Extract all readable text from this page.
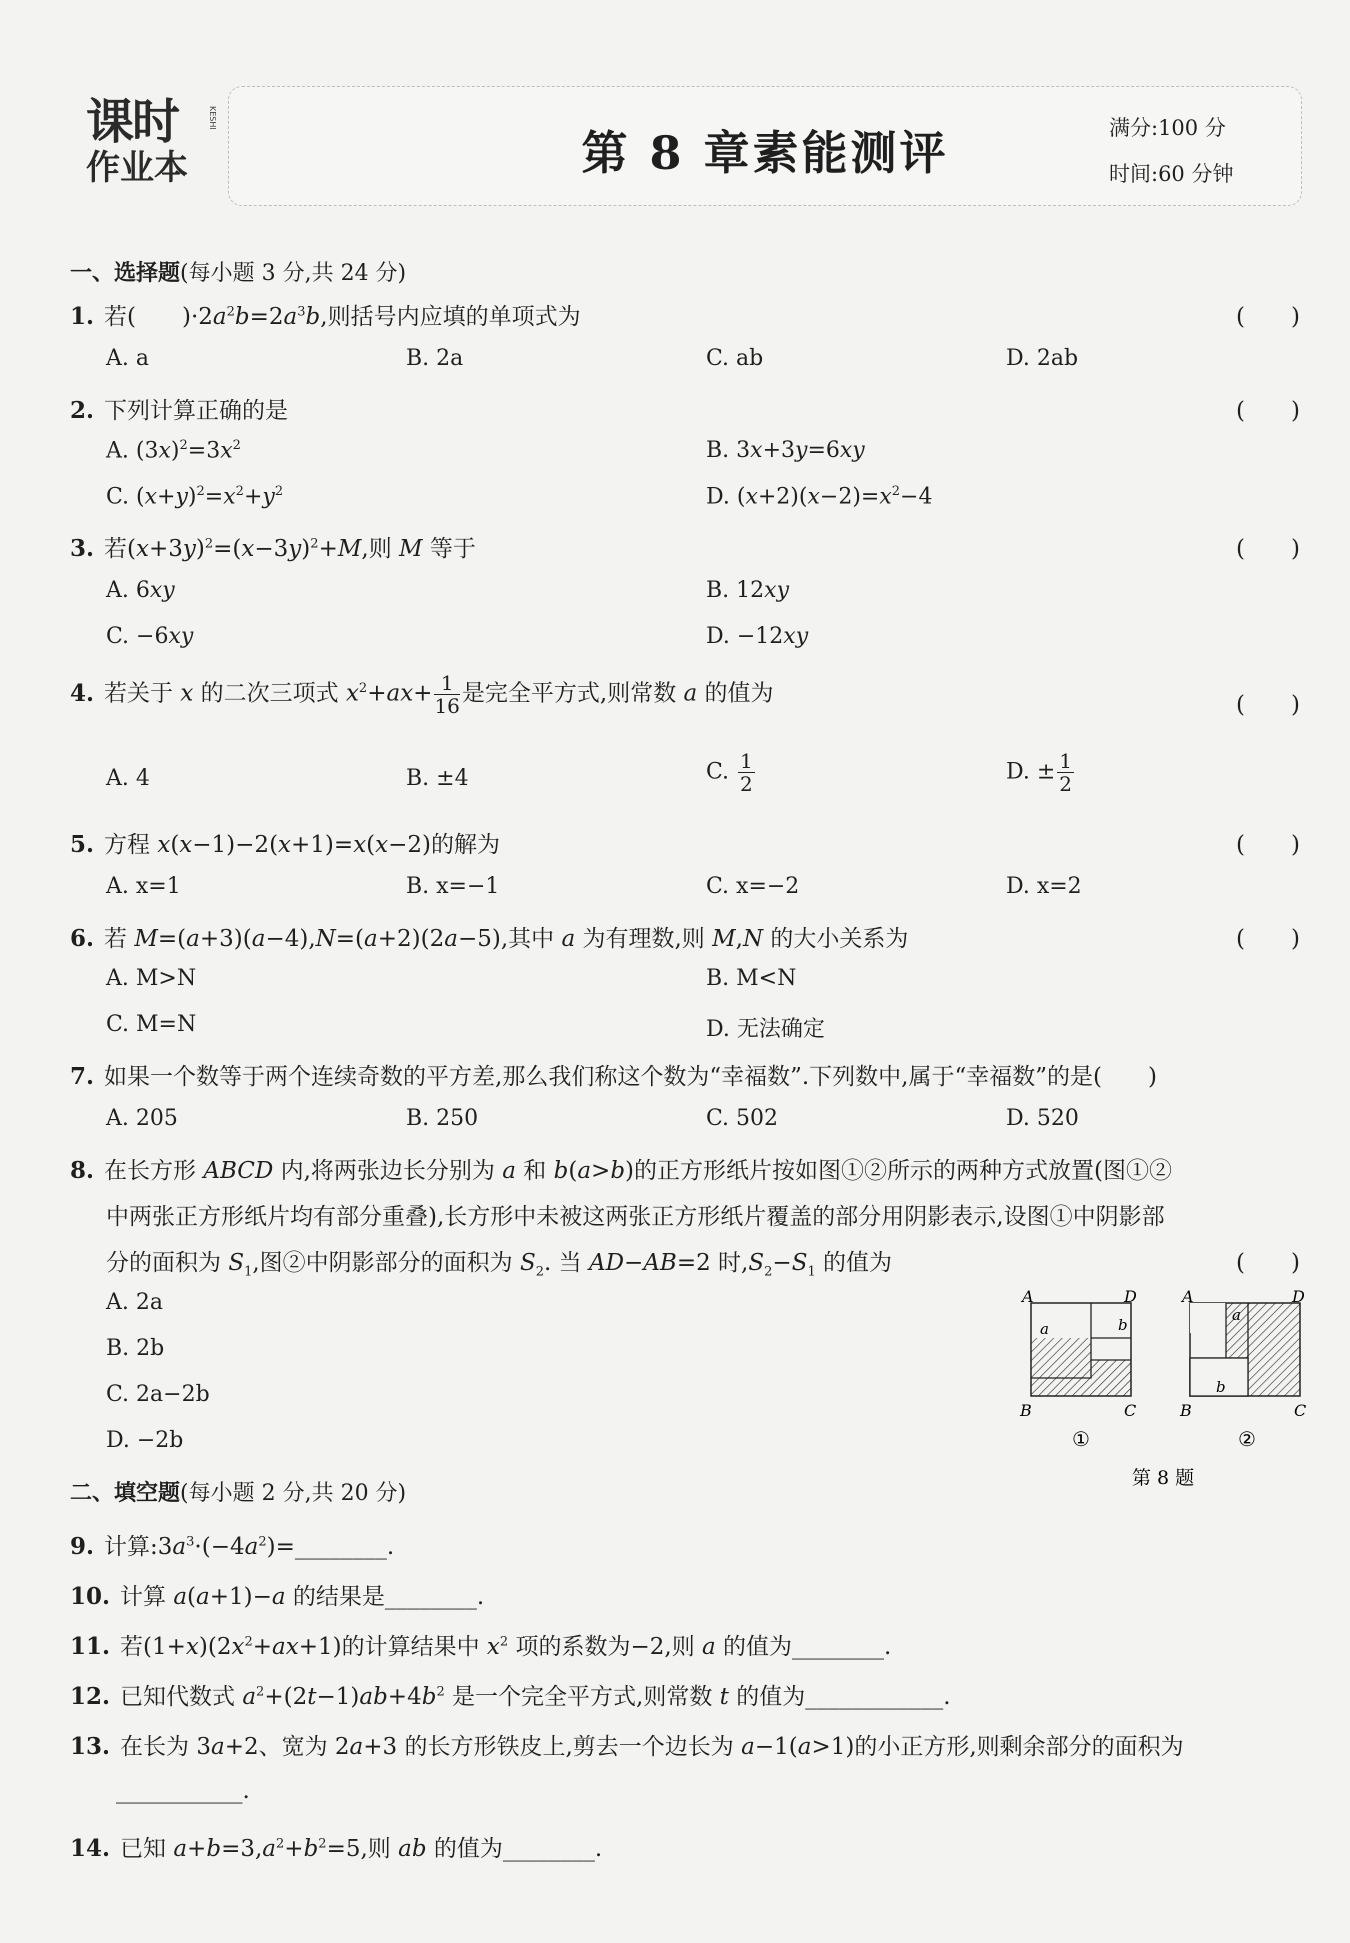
课时
作业本
KESHI
第 8 章素能测评	满分:100 分
时间:60 分钟
一、选择题(每小题 3 分,共 24 分)
1. 若(　　)$\cdot 2a^2b=2a^3b$,则括号内应填的单项式为	(　　)
A. a	B. 2a	C. ab	D. 2ab
2. 下列计算正确的是	(　　)
A. $(3x)^2=3x^2$	B. 3x+3y=6xy
C. $(x+y)^2=x^2+y^2$	D. $(x+2)(x-2)=x^2-4$
3. 若$(x+3y)^2=(x-3y)^2+M$,则 M 等于	(　　)
A. 6xy	B. 12xy
C. −6xy	D. −12xy
4. 若关于 x 的二次三项式 $x^2+ax+ \frac{1}{16}$ 是完全平方式,则常数 a 的值为	(　　)
A. 4	B. ±4	C. $\frac{1}{2}$	D. ± $\frac{1}{2}$
5. 方程 x(x−1)−2(x+1)=x(x−2)的解为	(　　)
A. x=1	B. x=−1	C. x=−2	D. x=2
6. 若 M=(a+3)(a−4),N=(a+2)(2a−5),其中 a 为有理数,则 M,N 的大小关系为	(　　)
A. M>N	B. M<N
C. M=N	D. 无法确定
7. 如果一个数等于两个连续奇数的平方差,那么我们称这个数为“幸福数”.下列数中,属于“幸福数”的是(　　)
A. 205	B. 250	C. 502	D. 520
8. 在长方形 ABCD 内,将两张边长分别为 a 和 b(a>b)的正方形纸片按如图①②所示的两种方式放置(图①②
中两张正方形纸片均有部分重叠),长方形中未被这两张正方形纸片覆盖的部分用阴影表示,设图①中阴影部
分的面积为 $S_1$,图②中阴影部分的面积为 $S_2$. 当 AD−AB=2 时$,S_2-S_1$ 的值为	(　　)
A. 2a
B. 2b
C. 2a−2b
D. −2b
A	D
B	C
a	b
①
A	D
B	C
a
b
②
第 8 题
二、填空题(每小题 2 分,共 20 分)
9. 计算$:3a^3\cdot(-4a^2)=\_\_\_\_\_\_\_\_$.
10. 计算 a(a+1)−a 的结果是________.
11. 若$(1+x)(2x^2+ax+1)$的计算结果中 $x^2$ 项的系数为−2,则 a 的值为________.
12. 已知代数式 $a^2+(2t-1)ab+4b^2$ 是一个完全平方式,则常数 t 的值为____________.
13. 在长为 3a+2、宽为 2a+3 的长方形铁皮上,剪去一个边长为 a−1(a>1)的小正方形,则剩余部分的面积为
___________.
14. 已知 $a+b=3,a^2+b^2=5$,则 ab 的值为________.
